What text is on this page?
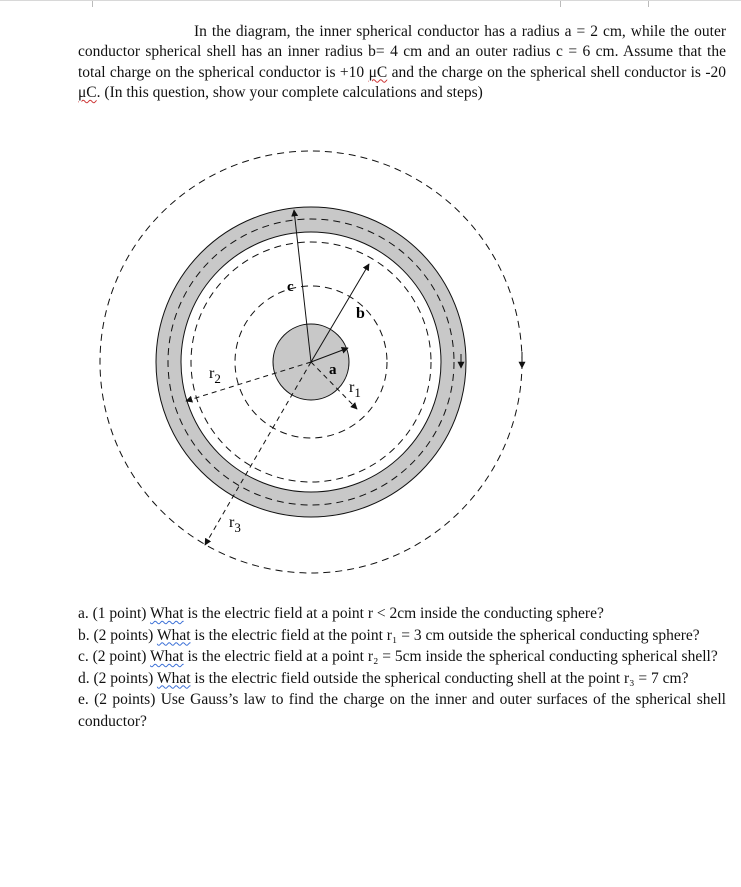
In the diagram, the inner spherical conductor has a radius a = 2 cm, while the outer conductor spherical shell has an inner radius b= 4 cm and an outer radius c = 6 cm. Assume that the total charge on the spherical conductor is +10 μC and the charge on the spherical shell conductor is -20 μC. (In this question, show your complete calculations and steps)

c
b
a
$r_1$
$r_2$
$r_3$

a. (1 point) What is the electric field at a point r < 2cm inside the conducting sphere?

b. (2 points) What is the electric field at the point r₁ = 3 cm outside the spherical conducting sphere?

c. (2 point) What is the electric field at a point r₂ = 5cm inside the spherical conducting spherical shell?

d. (2 points) What is the electric field outside the spherical conducting shell at the point r₃ = 7 cm?

e. (2 points) Use Gauss’s law to find the charge on the inner and outer surfaces of the spherical shell conductor?
